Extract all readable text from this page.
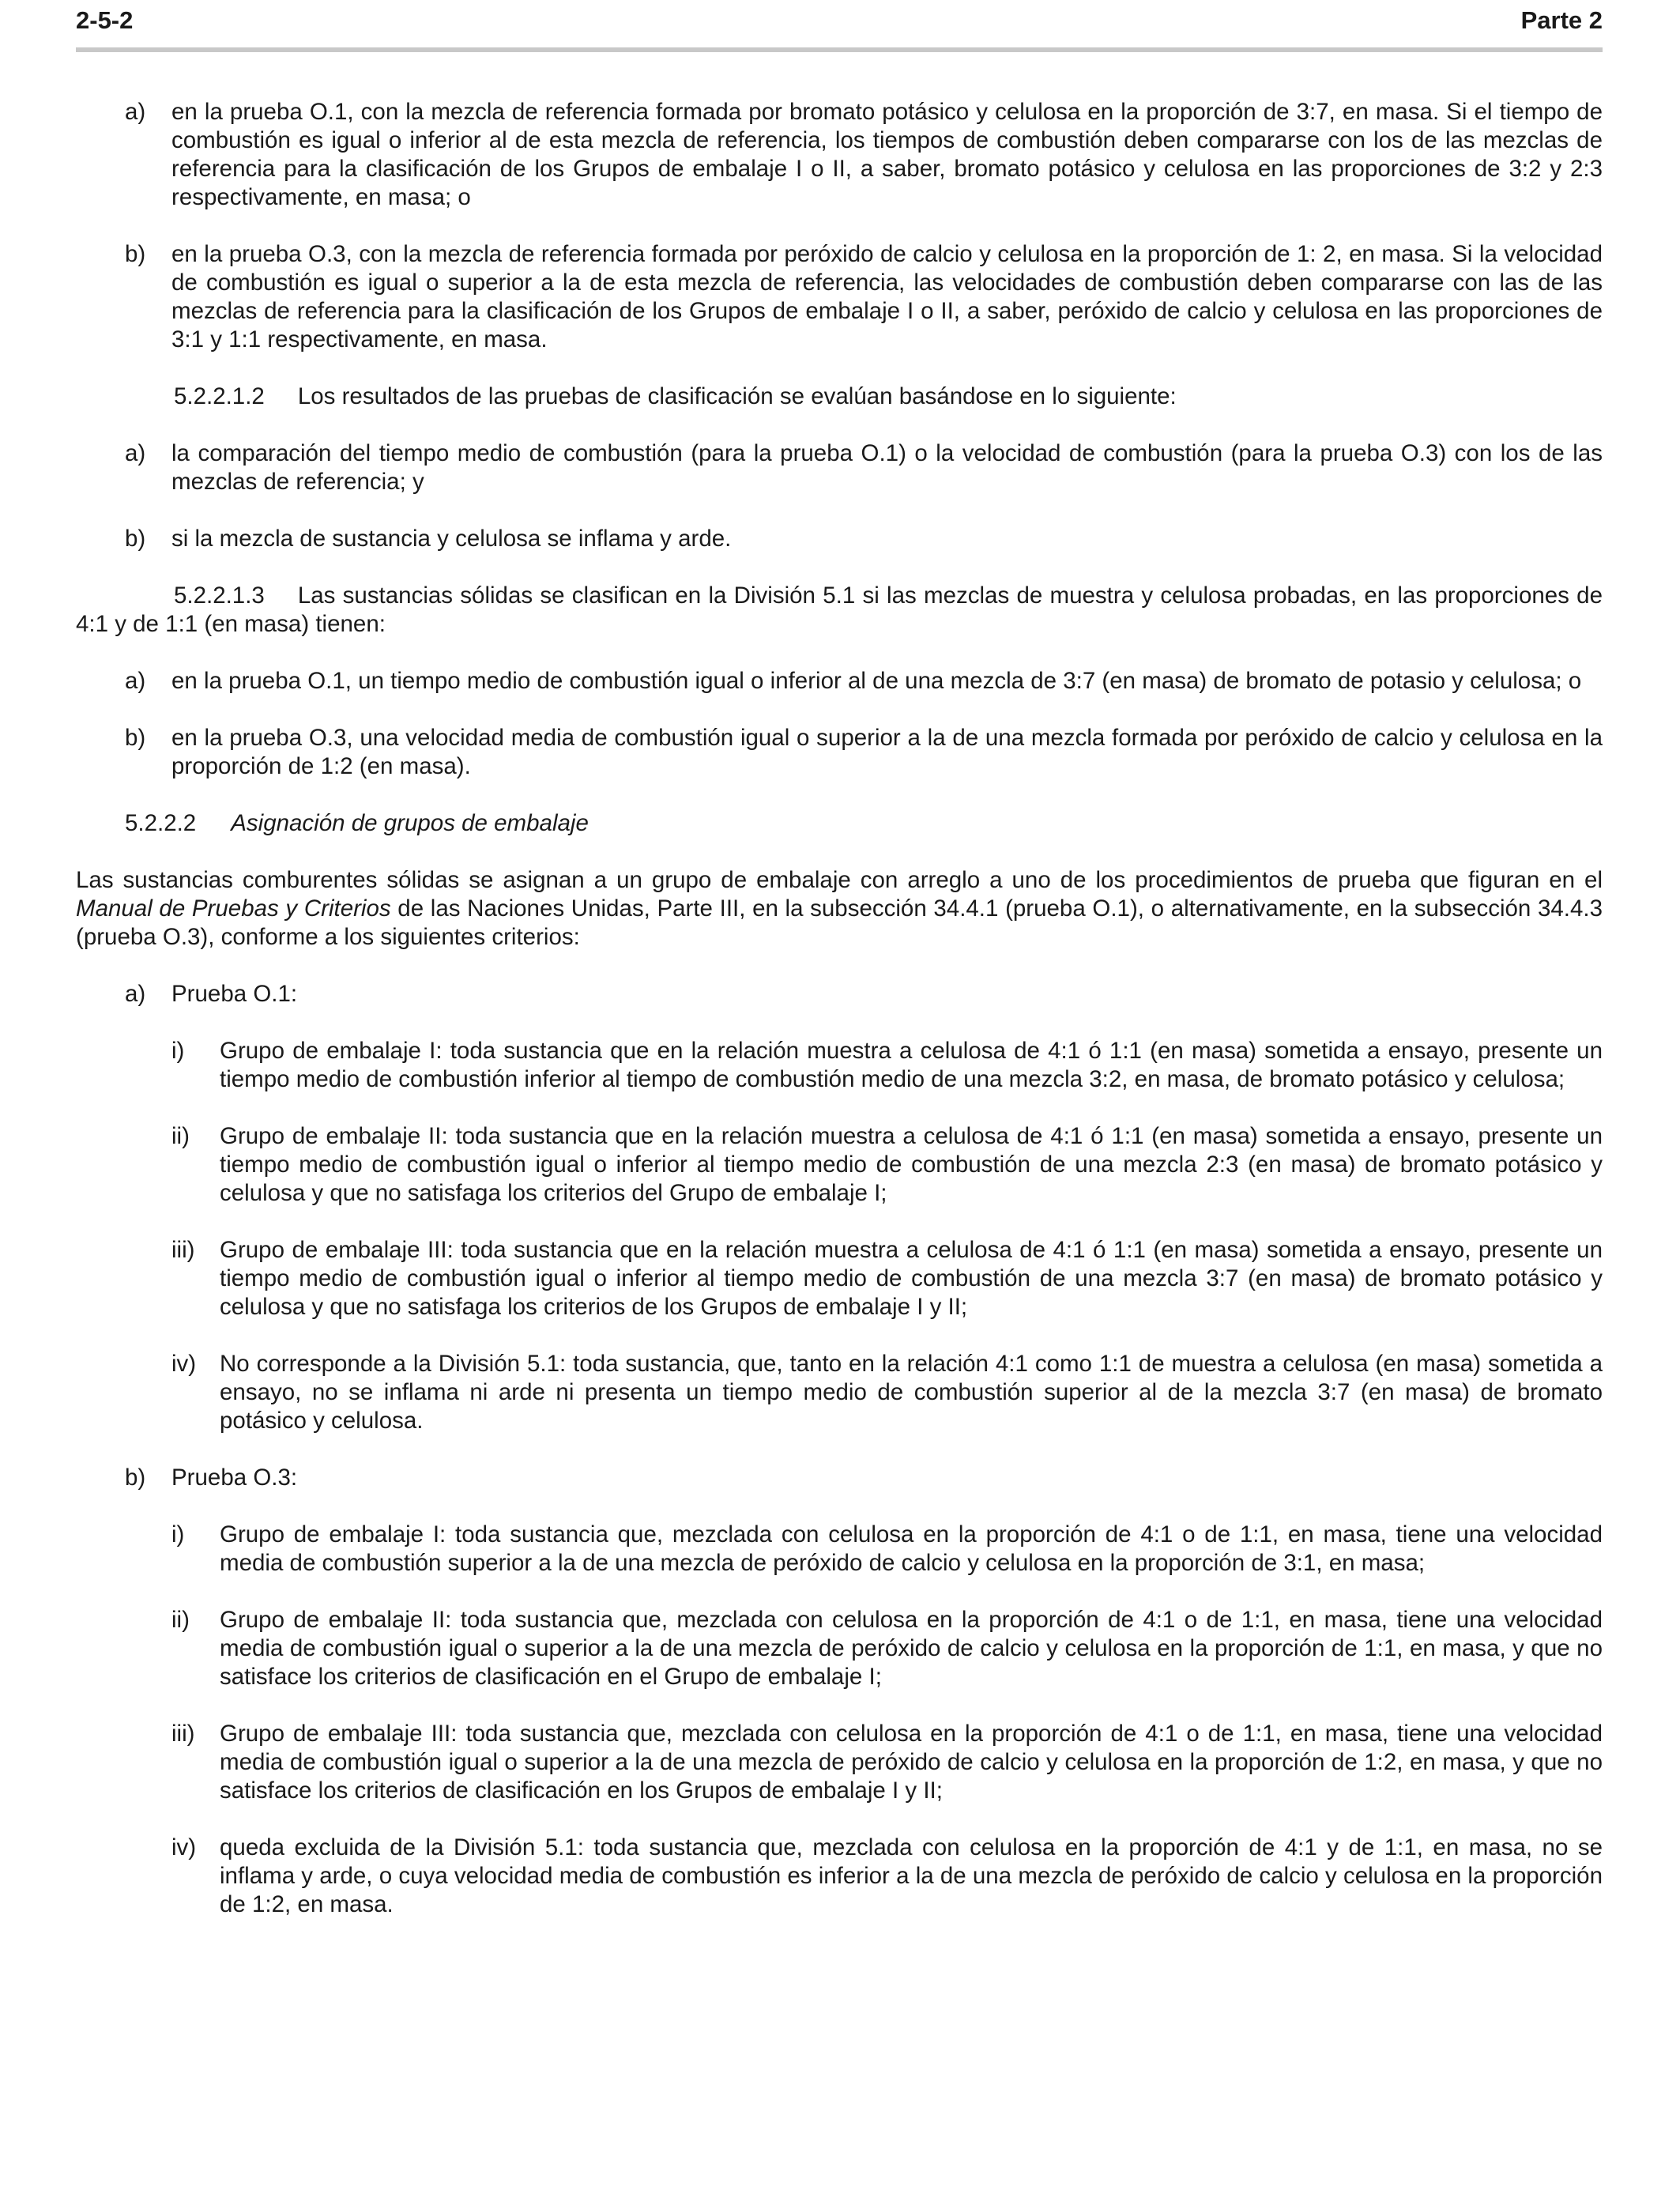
2-5-2	Parte 2
a) en la prueba O.1, con la mezcla de referencia formada por bromato potásico y celulosa en la proporción de 3:7, en masa. Si el tiempo de combustión es igual o inferior al de esta mezcla de referencia, los tiempos de combustión deben compararse con los de las mezclas de referencia para la clasificación de los Grupos de embalaje I o II, a saber, bromato potásico y celulosa en las proporciones de 3:2 y 2:3 respectivamente, en masa; o
b) en la prueba O.3, con la mezcla de referencia formada por peróxido de calcio y celulosa en la proporción de 1: 2, en masa. Si la velocidad de combustión es igual o superior a la de esta mezcla de referencia, las velocidades de combustión deben compararse con las de las mezclas de referencia para la clasificación de los Grupos de embalaje I o II, a saber, peróxido de calcio y celulosa en las proporciones de 3:1 y 1:1 respectivamente, en masa.
5.2.2.1.2 Los resultados de las pruebas de clasificación se evalúan basándose en lo siguiente:
a) la comparación del tiempo medio de combustión (para la prueba O.1) o la velocidad de combustión (para la prueba O.3) con los de las mezclas de referencia; y
b) si la mezcla de sustancia y celulosa se inflama y arde.
5.2.2.1.3 Las sustancias sólidas se clasifican en la División 5.1 si las mezclas de muestra y celulosa probadas, en las proporciones de 4:1 y de 1:1 (en masa) tienen:
a) en la prueba O.1, un tiempo medio de combustión igual o inferior al de una mezcla de 3:7 (en masa) de bromato de potasio y celulosa; o
b) en la prueba O.3, una velocidad media de combustión igual o superior a la de una mezcla formada por peróxido de calcio y celulosa en la proporción de 1:2 (en masa).
5.2.2.2 Asignación de grupos de embalaje
Las sustancias comburentes sólidas se asignan a un grupo de embalaje con arreglo a uno de los procedimientos de prueba que figuran en el Manual de Pruebas y Criterios de las Naciones Unidas, Parte III, en la subsección 34.4.1 (prueba O.1), o alternativamente, en la subsección 34.4.3 (prueba O.3), conforme a los siguientes criterios:
a) Prueba O.1:
i) Grupo de embalaje I: toda sustancia que en la relación muestra a celulosa de 4:1 ó 1:1 (en masa) sometida a ensayo, presente un tiempo medio de combustión inferior al tiempo de combustión medio de una mezcla 3:2, en masa, de bromato potásico y celulosa;
ii) Grupo de embalaje II: toda sustancia que en la relación muestra a celulosa de 4:1 ó 1:1 (en masa) sometida a ensayo, presente un tiempo medio de combustión igual o inferior al tiempo medio de combustión de una mezcla 2:3 (en masa) de bromato potásico y celulosa y que no satisfaga los criterios del Grupo de embalaje I;
iii) Grupo de embalaje III: toda sustancia que en la relación muestra a celulosa de 4:1 ó 1:1 (en masa) sometida a ensayo, presente un tiempo medio de combustión igual o inferior al tiempo medio de combustión de una mezcla 3:7 (en masa) de bromato potásico y celulosa y que no satisfaga los criterios de los Grupos de embalaje I y II;
iv) No corresponde a la División 5.1: toda sustancia, que, tanto en la relación 4:1 como 1:1 de muestra a celulosa (en masa) sometida a ensayo, no se inflama ni arde ni presenta un tiempo medio de combustión superior al de la mezcla 3:7 (en masa) de bromato potásico y celulosa.
b) Prueba O.3:
i) Grupo de embalaje I: toda sustancia que, mezclada con celulosa en la proporción de 4:1 o de 1:1, en masa, tiene una velocidad media de combustión superior a la de una mezcla de peróxido de calcio y celulosa en la proporción de 3:1, en masa;
ii) Grupo de embalaje II: toda sustancia que, mezclada con celulosa en la proporción de 4:1 o de 1:1, en masa, tiene una velocidad media de combustión igual o superior a la de una mezcla de peróxido de calcio y celulosa en la proporción de 1:1, en masa, y que no satisface los criterios de clasificación en el Grupo de embalaje I;
iii) Grupo de embalaje III: toda sustancia que, mezclada con celulosa en la proporción de 4:1 o de 1:1, en masa, tiene una velocidad media de combustión igual o superior a la de una mezcla de peróxido de calcio y celulosa en la proporción de 1:2, en masa, y que no satisface los criterios de clasificación en los Grupos de embalaje I y II;
iv) queda excluida de la División 5.1: toda sustancia que, mezclada con celulosa en la proporción de 4:1 y de 1:1, en masa, no se inflama y arde, o cuya velocidad media de combustión es inferior a la de una mezcla de peróxido de calcio y celulosa en la proporción de 1:2, en masa.
